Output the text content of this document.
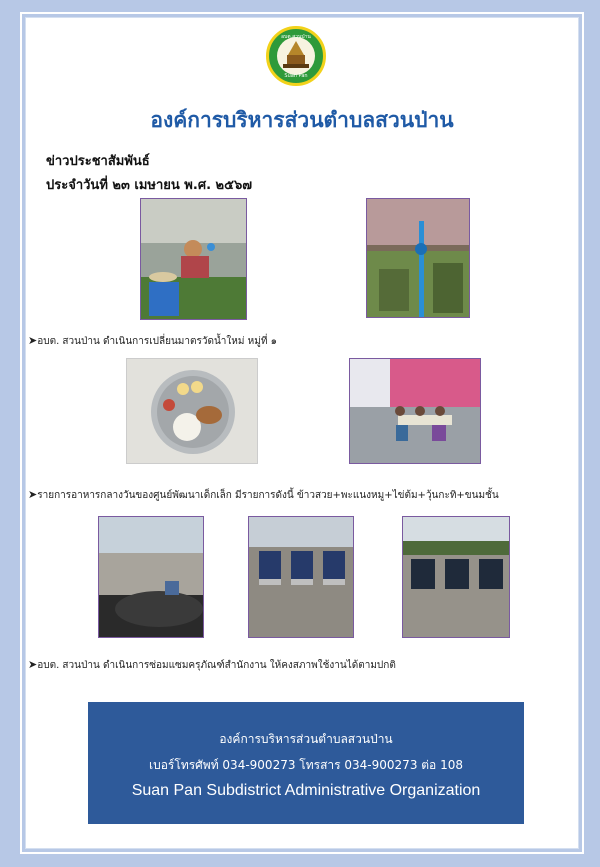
อบต.สวนป่าน
Suan Pan
องค์การบริหารส่วนตำบลสวนป่าน
ข่าวประชาสัมพันธ์
ประจำวันที่ ๒๓ เมษายน พ.ศ. ๒๕๖๗
➤อบต. สวนป่าน ดำเนินการเปลี่ยนมาตรวัดน้ำใหม่ หมู่ที่ ๑
➤รายการอาหารกลางวันของศูนย์พัฒนาเด็กเล็ก มีรายการดังนี้ ข้าวสวย+พะแนงหมู+ไข่ต้ม+วุ้นกะทิ+ขนมชั้น
➤อบต. สวนป่าน ดำเนินการซ่อมแซมครุภัณฑ์สำนักงาน ให้คงสภาพใช้งานได้ตามปกติ
องค์การบริหารส่วนตำบลสวนป่าน
เบอร์โทรศัพท์ 034-900273 โทรสาร 034-900273 ต่อ 108
Suan Pan Subdistrict Administrative Organization
